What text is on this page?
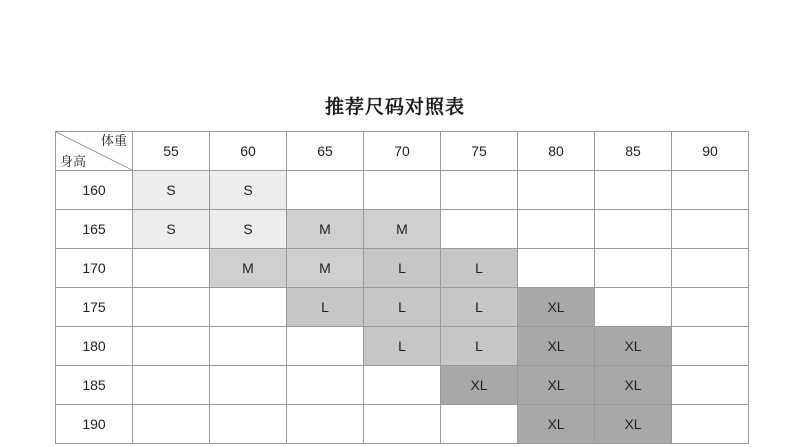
推荐尺码对照表
体重
身高	55	60	65	70	75	80	85	90
160	S	S						
165	S	S	M	M				
170		M	M	L	L			
175			L	L	L	XL		
180				L	L	XL	XL	
185					XL	XL	XL	
190						XL	XL	
